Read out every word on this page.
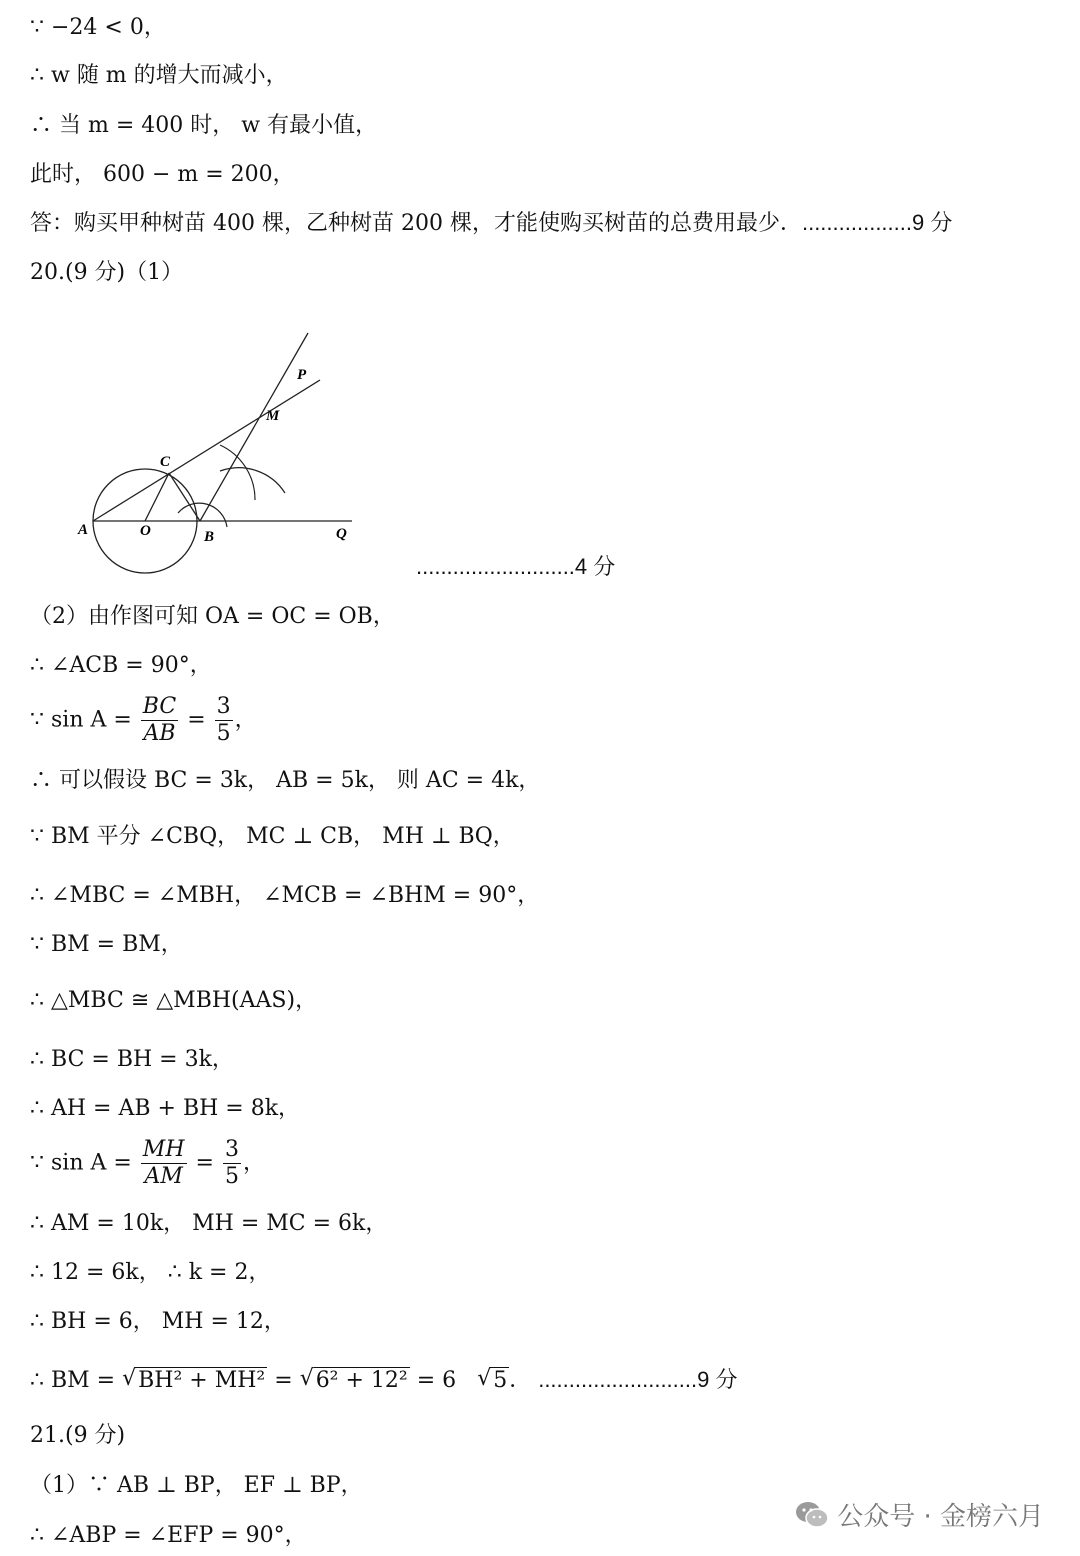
∵ −24 < 0，
∴ w 随 m 的增大而减小，
∴ 当 m = 400 时， w 有最小值，
此时， 600 − m = 200，
答：购买甲种树苗 400 棵，乙种树苗 200 棵，才能使购买树苗的总费用最少．..................9 分
20.(9 分)（1）
A	O	B	Q
C
M
P
..........................4 分
（2）由作图可知 OA = OC = OB，
∴ ∠ACB = 90°，
∵ $\sin A = \frac{BC}{AB} = \frac{3}{5}$ ，
∴ 可以假设 BC = 3k， AB = 5k， 则 AC = 4k，
∵ BM 平分 ∠CBQ， MC ⊥ CB， MH ⊥ BQ，
∴ ∠MBC = ∠MBH， ∠MCB = ∠BHM = 90°，
∵ BM = BM，
∴ △MBC ≅ △MBH(AAS)，
∴ BC = BH = 3k，
∴ AH = AB + BH = 8k，
∵ $\sin A = \frac{MH}{AM} = \frac{3}{5}$ ，
∴ AM = 10k， MH = MC = 6k，
∴ 12 = 6k， ∴ k = 2，
∴ BH = 6， MH = 12，
∴ BM = √ BH² + MH² = √ 6² + 12² = 6 √ 5． ..........................9 分
21.(9 分)
（1）∵ AB ⊥ BP， EF ⊥ BP，
∴ ∠ABP = ∠EFP = 90°，
公众号 · 金榜六月
